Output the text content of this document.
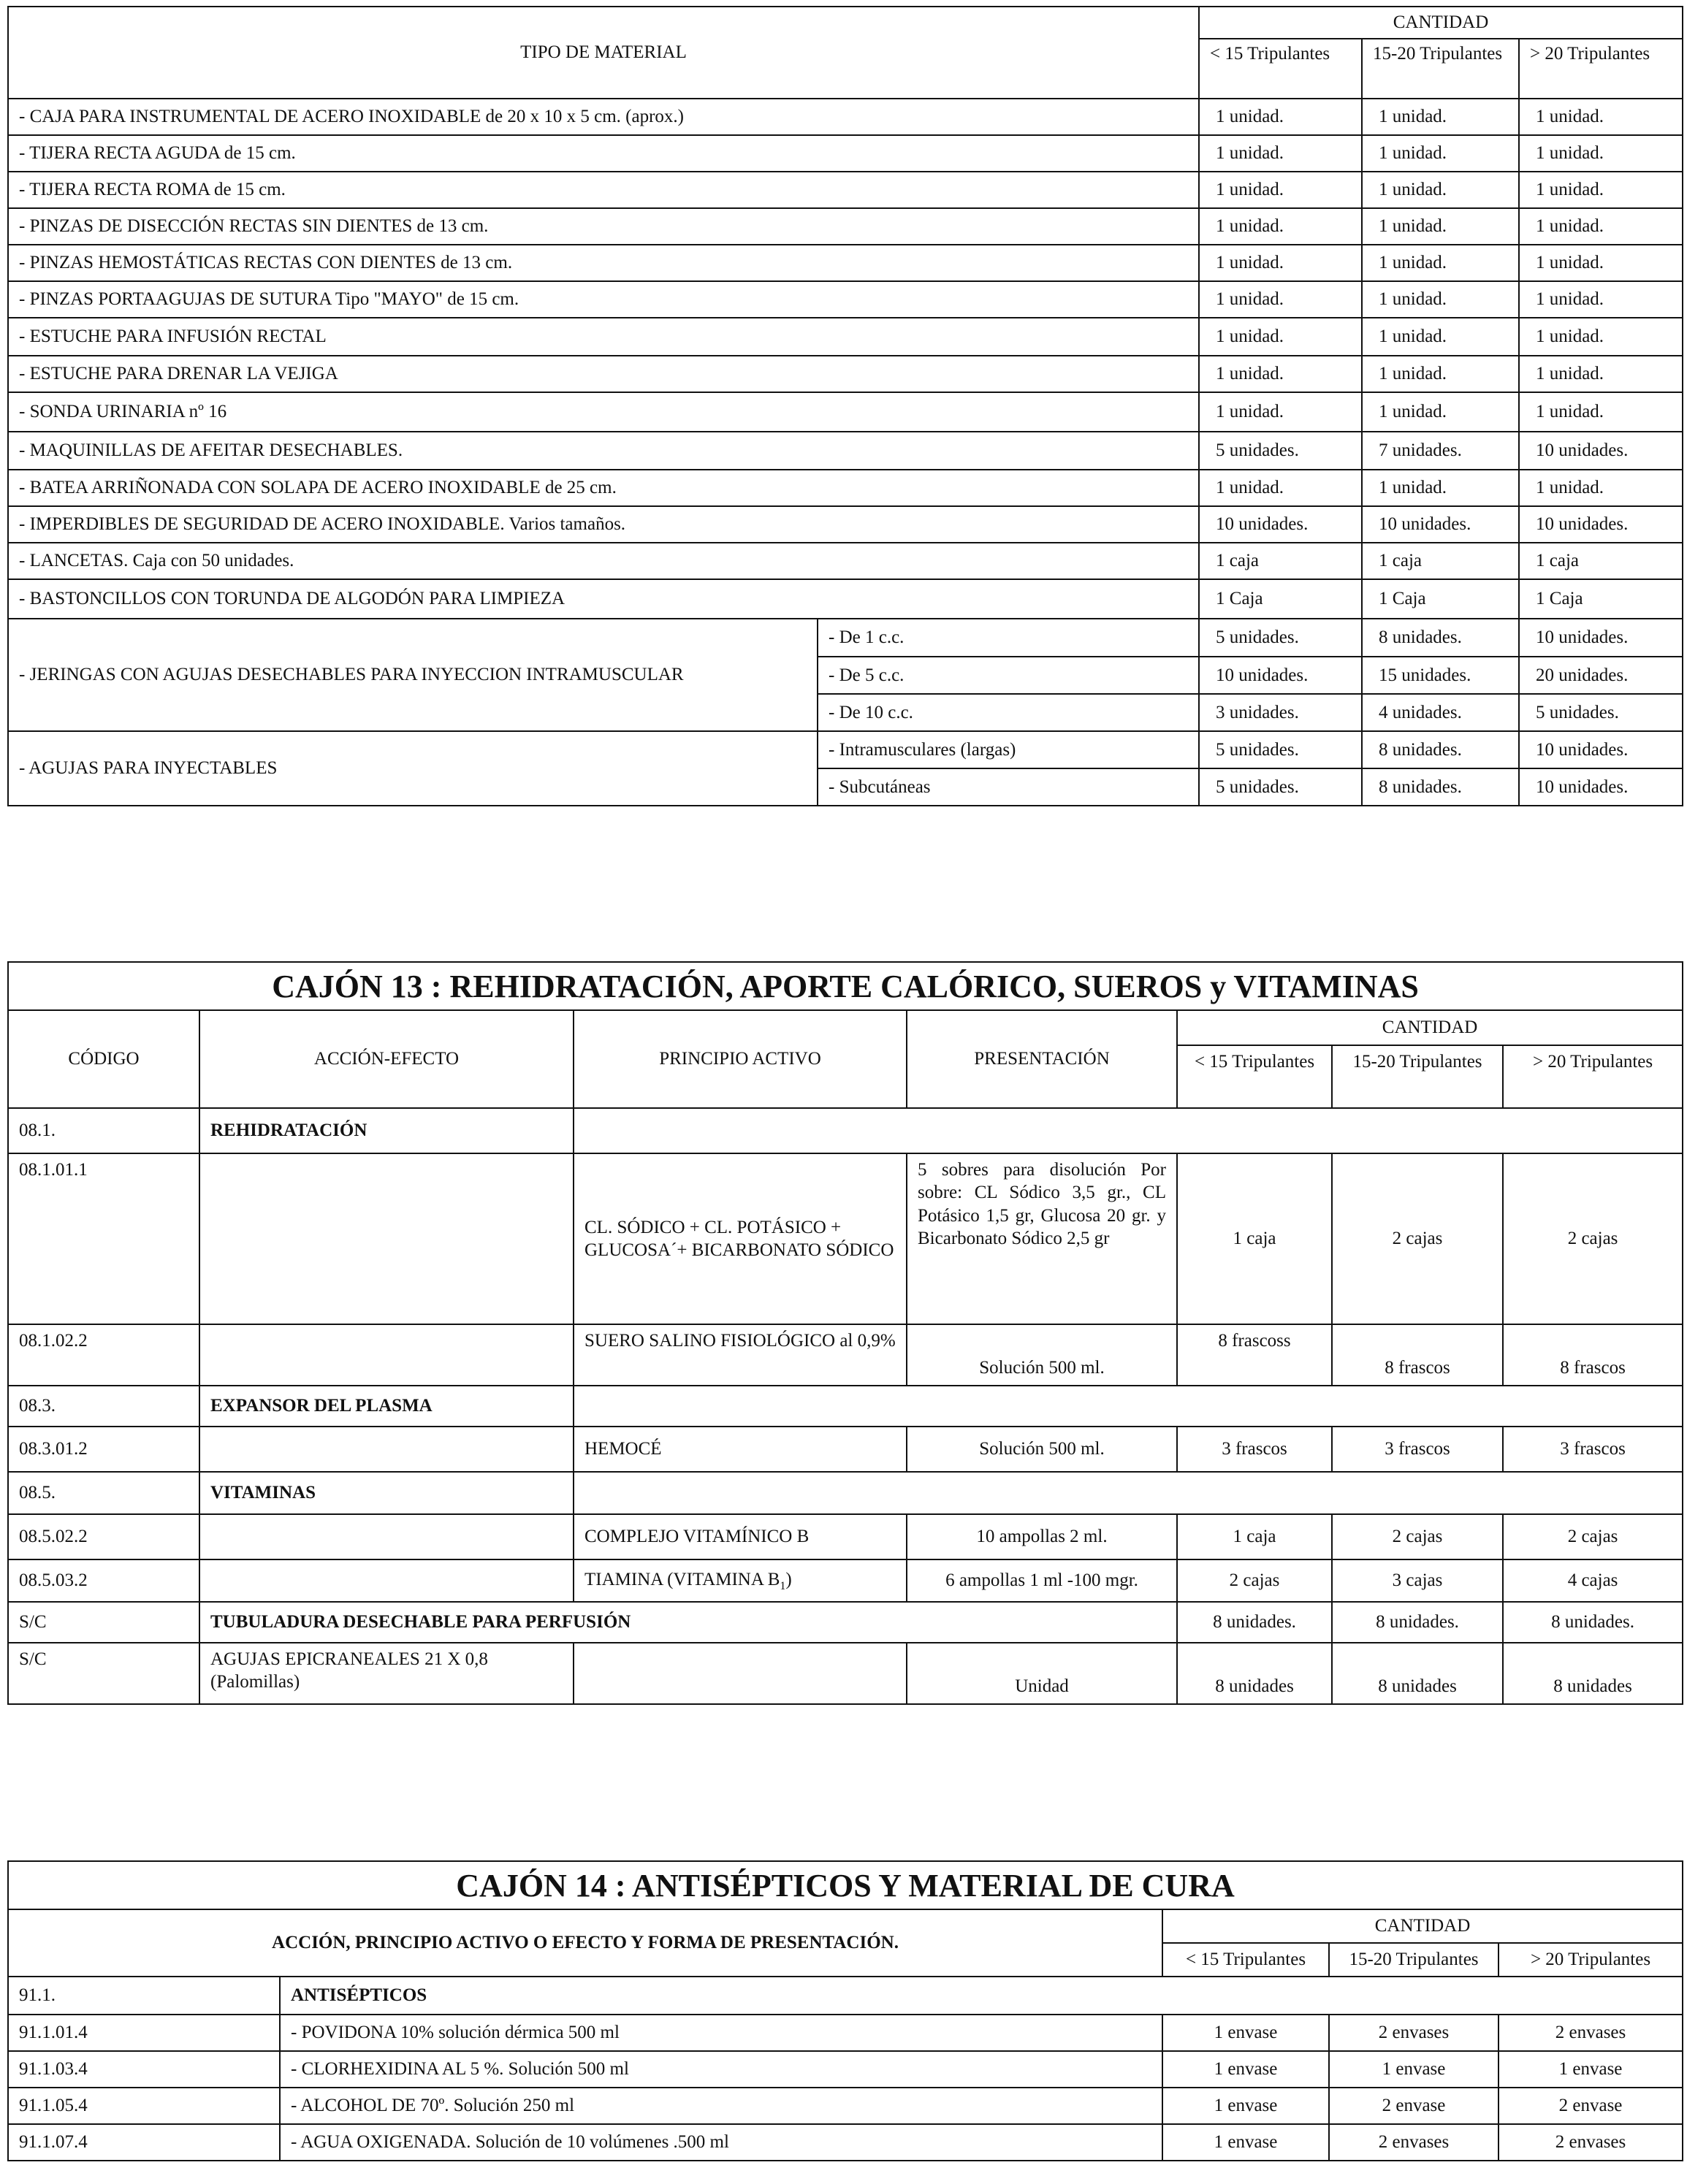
TIPO DE MATERIAL		CANTIDAD		
		< 15 Tripulantes	15-20 Tripulantes	> 20 Tripulantes
- CAJA PARA INSTRUMENTAL DE ACERO INOXIDABLE de 20 x 10 x 5 cm. (aprox.)		1 unidad.	1 unidad.	1 unidad.
- TIJERA RECTA AGUDA de 15 cm.		1 unidad.	1 unidad.	1 unidad.
- TIJERA RECTA ROMA de 15 cm.		1 unidad.	1 unidad.	1 unidad.
- PINZAS DE DISECCIÓN RECTAS SIN DIENTES de 13 cm.		1 unidad.	1 unidad.	1 unidad.
- PINZAS HEMOSTÁTICAS RECTAS CON DIENTES de 13 cm.		1 unidad.	1 unidad.	1 unidad.
- PINZAS PORTAAGUJAS DE SUTURA Tipo "MAYO" de 15 cm.		1 unidad.	1 unidad.	1 unidad.
- ESTUCHE PARA INFUSIÓN RECTAL		1 unidad.	1 unidad.	1 unidad.
- ESTUCHE PARA DRENAR LA VEJIGA		1 unidad.	1 unidad.	1 unidad.
- SONDA URINARIA nº 16		1 unidad.	1 unidad.	1 unidad.
- MAQUINILLAS DE AFEITAR DESECHABLES.		5 unidades.	7 unidades.	10 unidades.
- BATEA ARRIÑONADA CON SOLAPA DE ACERO INOXIDABLE de 25 cm.		1 unidad.	1 unidad.	1 unidad.
- IMPERDIBLES DE SEGURIDAD DE ACERO INOXIDABLE. Varios tamaños.		10 unidades.	10 unidades.	10 unidades.
- LANCETAS. Caja con 50 unidades.		1 caja	1 caja	1 caja
- BASTONCILLOS CON TORUNDA DE ALGODÓN PARA LIMPIEZA		1 Caja	1 Caja	1 Caja
- JERINGAS CON AGUJAS DESECHABLES PARA INYECCION INTRAMUSCULAR	- De 1 c.c.	5 unidades.	8 unidades.	10 unidades.
	- De 5 c.c.	10 unidades.	15 unidades.	20 unidades.
	- De 10 c.c.	3 unidades.	4 unidades.	5 unidades.
- AGUJAS PARA INYECTABLES	- Intramusculares (largas)	5 unidades.	8 unidades.	10 unidades.
	- Subcutáneas	5 unidades.	8 unidades.	10 unidades.
CAJÓN 13 : REHIDRATACIÓN, APORTE CALÓRICO, SUEROS y VITAMINAS						
CÓDIGO	ACCIÓN-EFECTO	PRINCIPIO ACTIVO	PRESENTACIÓN	CANTIDAD		
				< 15 Tripulantes	15-20 Tripulantes	> 20 Tripulantes
08.1.	REHIDRATACIÓN					
08.1.01.1		CL. SÓDICO + CL. POTÁSICO + GLUCOSA´+ BICARBONATO SÓDICO	5 sobres para disolución Por sobre: CL Sódico 3,5 gr., CL Potásico 1,5 gr, Glucosa 20 gr. y Bicarbonato Sódico 2,5 gr	1 caja	2 cajas	2 cajas
08.1.02.2		SUERO SALINO FISIOLÓGICO al 0,9%	Solución 500 ml.	8 frascoss	8 frascos	8 frascos
08.3.	EXPANSOR DEL PLASMA					
08.3.01.2		HEMOCÉ	Solución 500 ml.	3 frascos	3 frascos	3 frascos
08.5.	VITAMINAS					
08.5.02.2		COMPLEJO VITAMÍNICO B	10 ampollas 2 ml.	1 caja	2 cajas	2 cajas
08.5.03.2		TIAMINA (VITAMINA $B_1$)	6 ampollas 1 ml -100 mgr.	2 cajas	3 cajas	4 cajas
S/C	TUBULADURA DESECHABLE PARA PERFUSIÓN			8 unidades.	8 unidades.	8 unidades.
S/C	AGUJAS EPICRANEALES 21 X 0,8 (Palomillas)		Unidad	8 unidades	8 unidades	8 unidades
CAJÓN 14 : ANTISÉPTICOS Y MATERIAL DE CURA				
ACCIÓN, PRINCIPIO ACTIVO O EFECTO Y FORMA DE PRESENTACIÓN.		CANTIDAD		
		< 15 Tripulantes	15-20 Tripulantes	> 20 Tripulantes
91.1.	ANTISÉPTICOS			
91.1.01.4	- POVIDONA 10% solución dérmica 500 ml	1 envase	2 envases	2 envases
91.1.03.4	- CLORHEXIDINA AL 5 %. Solución 500 ml	1 envase	1 envase	1 envase
91.1.05.4	- ALCOHOL DE 70º. Solución 250 ml	1 envase	2 envase	2 envase
91.1.07.4	- AGUA OXIGENADA. Solución de 10 volúmenes .500 ml	1 envase	2 envases	2 envases
